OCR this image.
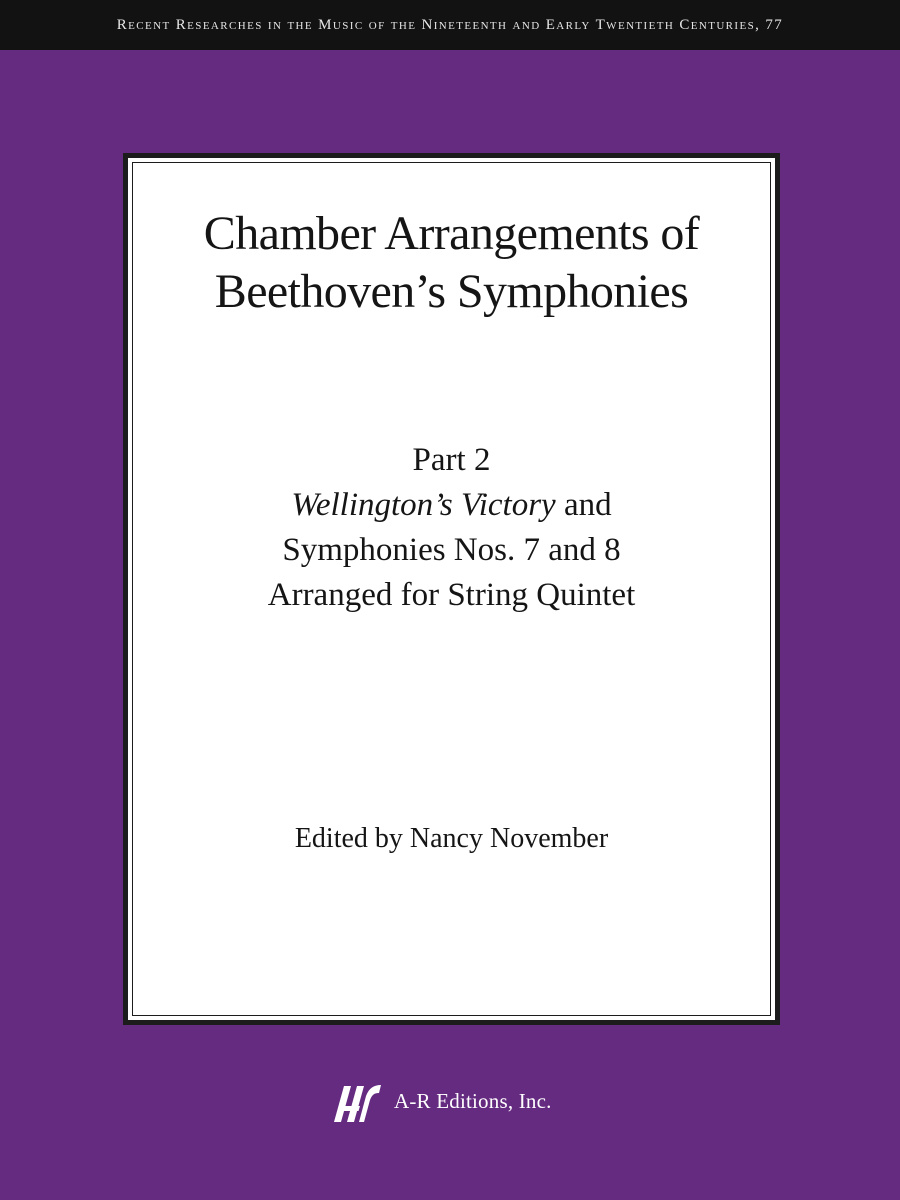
Recent Researches in the Music of the Nineteenth and Early Twentieth Centuries, 77
Chamber Arrangements of
Beethoven’s Symphonies
Part 2
Wellington’s Victory and
Symphonies Nos. 7 and 8
Arranged for String Quintet
Edited by Nancy November
A-R Editions, Inc.
